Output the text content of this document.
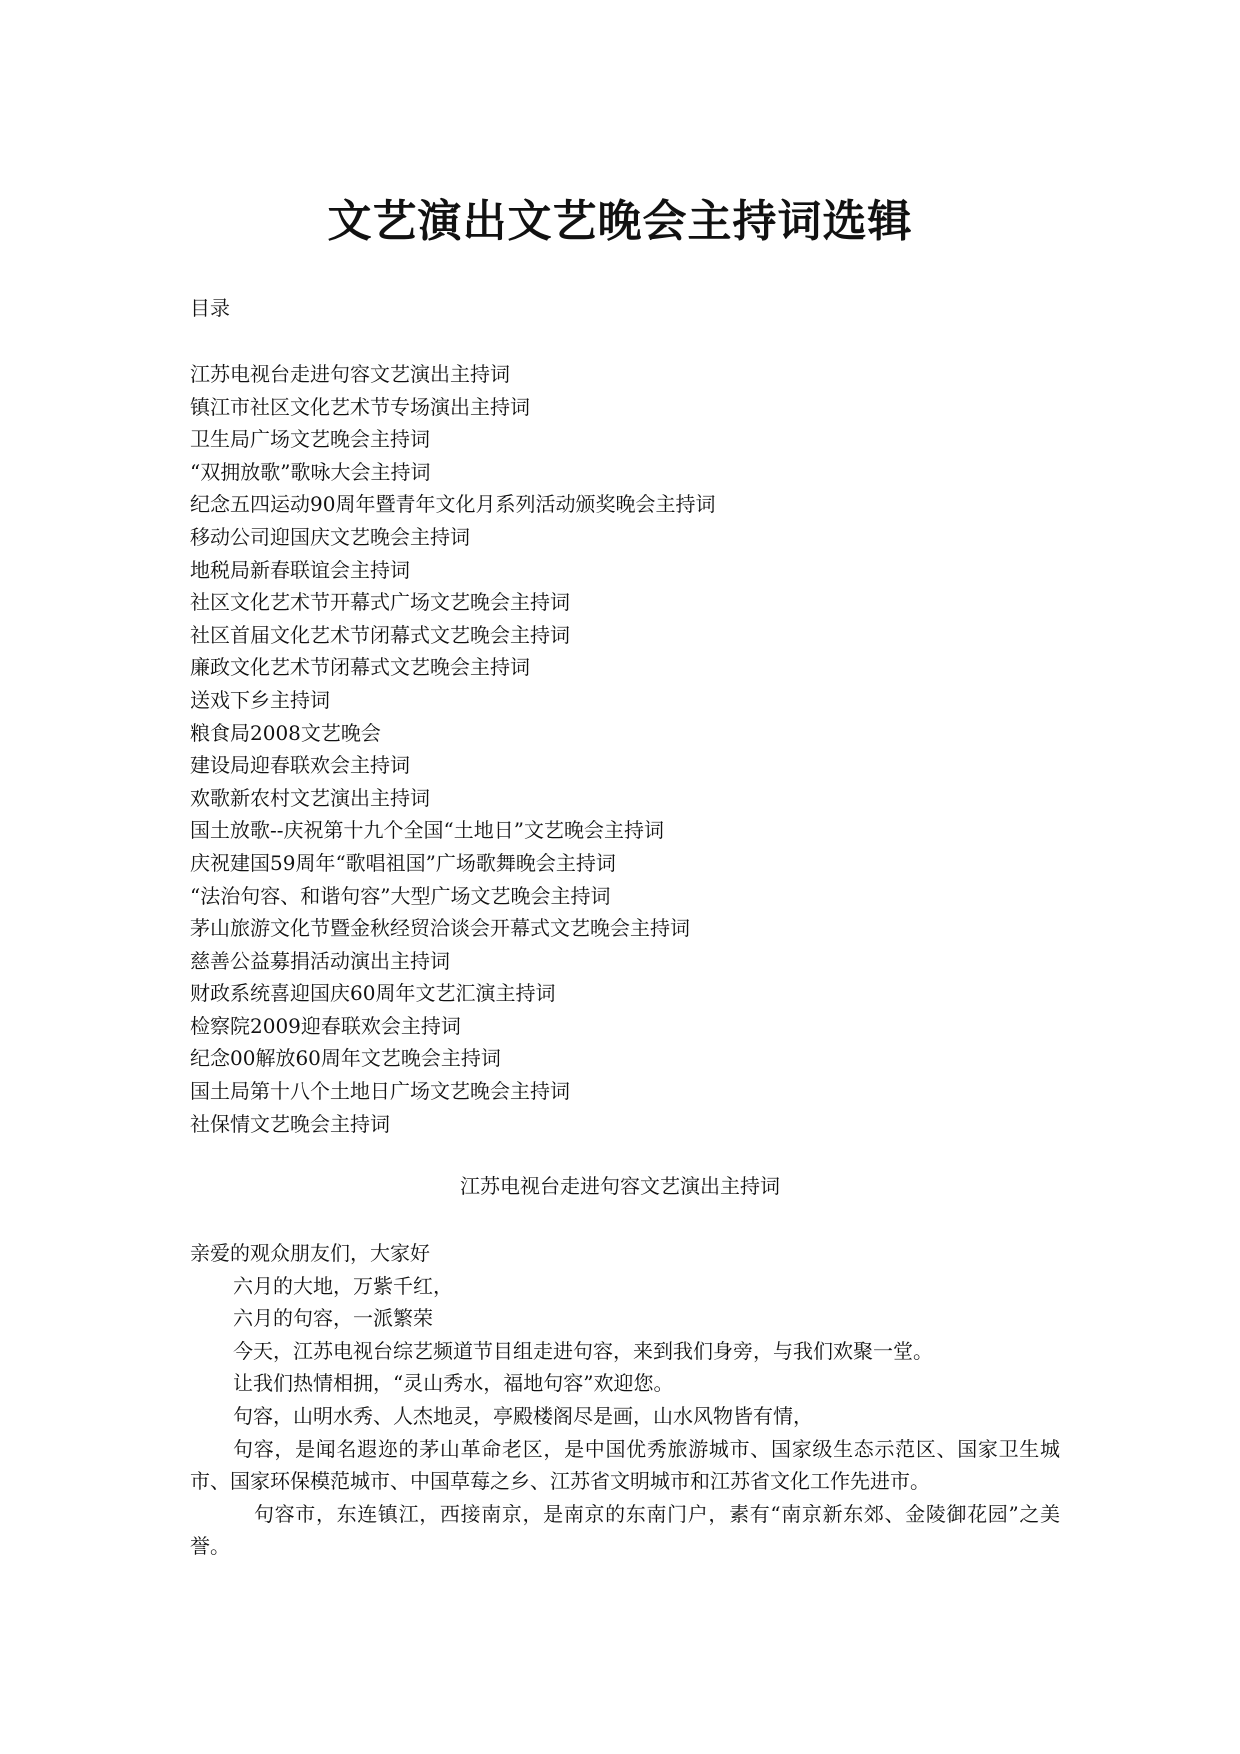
文艺演出文艺晚会主持词选辑
目录
江苏电视台走进句容文艺演出主持词
镇江市社区文化艺术节专场演出主持词
卫生局广场文艺晚会主持词
“双拥放歌”歌咏大会主持词
纪念五四运动90周年暨青年文化月系列活动颁奖晚会主持词
移动公司迎国庆文艺晚会主持词
地税局新春联谊会主持词
社区文化艺术节开幕式广场文艺晚会主持词
社区首届文化艺术节闭幕式文艺晚会主持词
廉政文化艺术节闭幕式文艺晚会主持词
送戏下乡主持词
粮食局2008文艺晚会
建设局迎春联欢会主持词
欢歌新农村文艺演出主持词
国土放歌--庆祝第十九个全国“土地日”文艺晚会主持词
庆祝建国59周年“歌唱祖国”广场歌舞晚会主持词
“法治句容、和谐句容”大型广场文艺晚会主持词
茅山旅游文化节暨金秋经贸洽谈会开幕式文艺晚会主持词
慈善公益募捐活动演出主持词
财政系统喜迎国庆60周年文艺汇演主持词
检察院2009迎春联欢会主持词
纪念00解放60周年文艺晚会主持词
国土局第十八个土地日广场文艺晚会主持词
社保情文艺晚会主持词
江苏电视台走进句容文艺演出主持词

亲爱的观众朋友们，大家好

六月的大地，万紫千红，

六月的句容，一派繁荣

今天，江苏电视台综艺频道节目组走进句容，来到我们身旁，与我们欢聚一堂。

让我们热情相拥，“灵山秀水，福地句容”欢迎您。

句容，山明水秀、人杰地灵，亭殿楼阁尽是画，山水风物皆有情，

句容，是闻名遐迩的茅山革命老区，是中国优秀旅游城市、国家级生态示范区、国家卫生城市、国家环保模范城市、中国草莓之乡、江苏省文明城市和江苏省文化工作先进市。

句容市，东连镇江，西接南京，是南京的东南门户，素有“南京新东郊、金陵御花园”之美誉。
